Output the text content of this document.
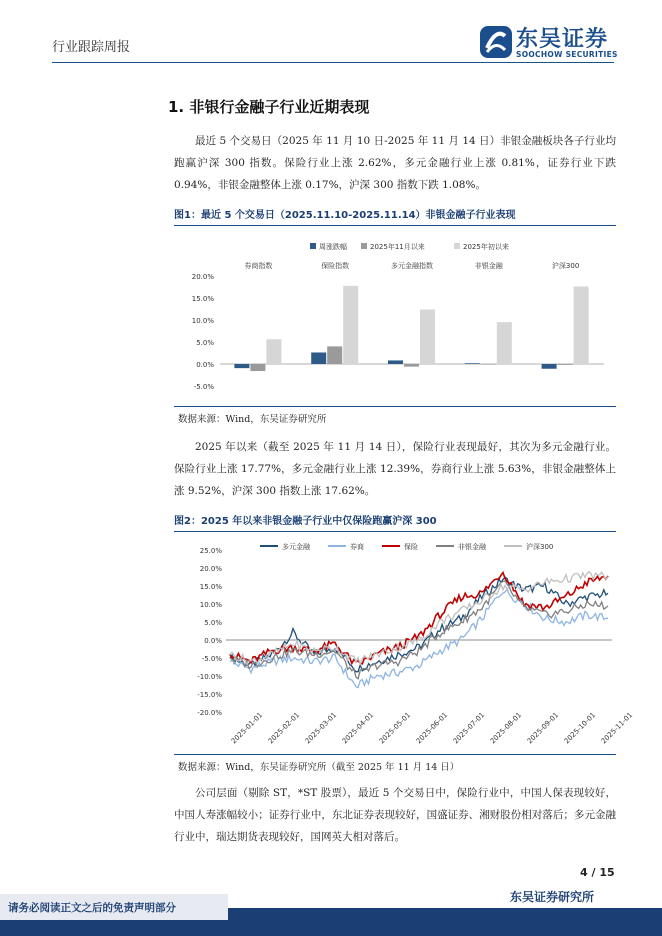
行业跟踪周报	东吴证券
SOOCHOW SECURITIES
1. 非银行金融子行业近期表现
最近 5 个交易日（2025 年 11 月 10 日-2025 年 11 月 14 日）非银金融板块各子行业均跑赢沪深 300 指数。保险行业上涨 2.62%，多元金融行业上涨 0.81%，证券行业下跌 0.94%，非银金融整体上涨 0.17%，沪深 300 指数下跌 1.08%。
图1：最近 5 个交易日（2025.11.10-2025.11.14）非银金融子行业表现
周涨跌幅	2025年11月以来	2025年初以来
20.0%
15.0%
10.0%
5.0%
0.0%
-5.0%
券商指数	保险指数	多元金融指数	非银金融	沪深300
数据来源：Wind，东吴证券研究所
2025 年以来（截至 2025 年 11 月 14 日），保险行业表现最好，其次为多元金融行业。保险行业上涨 17.77%，多元金融行业上涨 12.39%，券商行业上涨 5.63%，非银金融整体上涨 9.52%，沪深 300 指数上涨 17.62%。
图2：2025 年以来非银金融子行业中仅保险跑赢沪深 300
多元金融	券商	保险	非银金融	沪深300
25.0%
20.0%
15.0%
10.0%
5.0%
0.0%
-5.0%
-10.0%
-15.0%
-20.0% 2025-01-01 2025-02-01 2025-03-01 2025-04-01 2025-05-01 2025-06-01 2025-07-01 2025-08-01 2025-09-01 2025-10-01 2025-11-01
数据来源：Wind，东吴证券研究所（截至 2025 年 11 月 14 日）
公司层面（剔除 ST，*ST 股票），最近 5 个交易日中，保险行业中，中国人保表现较好，中国人寿涨幅较小；证券行业中，东北证券表现较好，国盛证券、湘财股份相对落后；多元金融行业中，瑞达期货表现较好，国网英大相对落后。
4 / 15
东吴证券研究所
请务必阅读正文之后的免责声明部分
